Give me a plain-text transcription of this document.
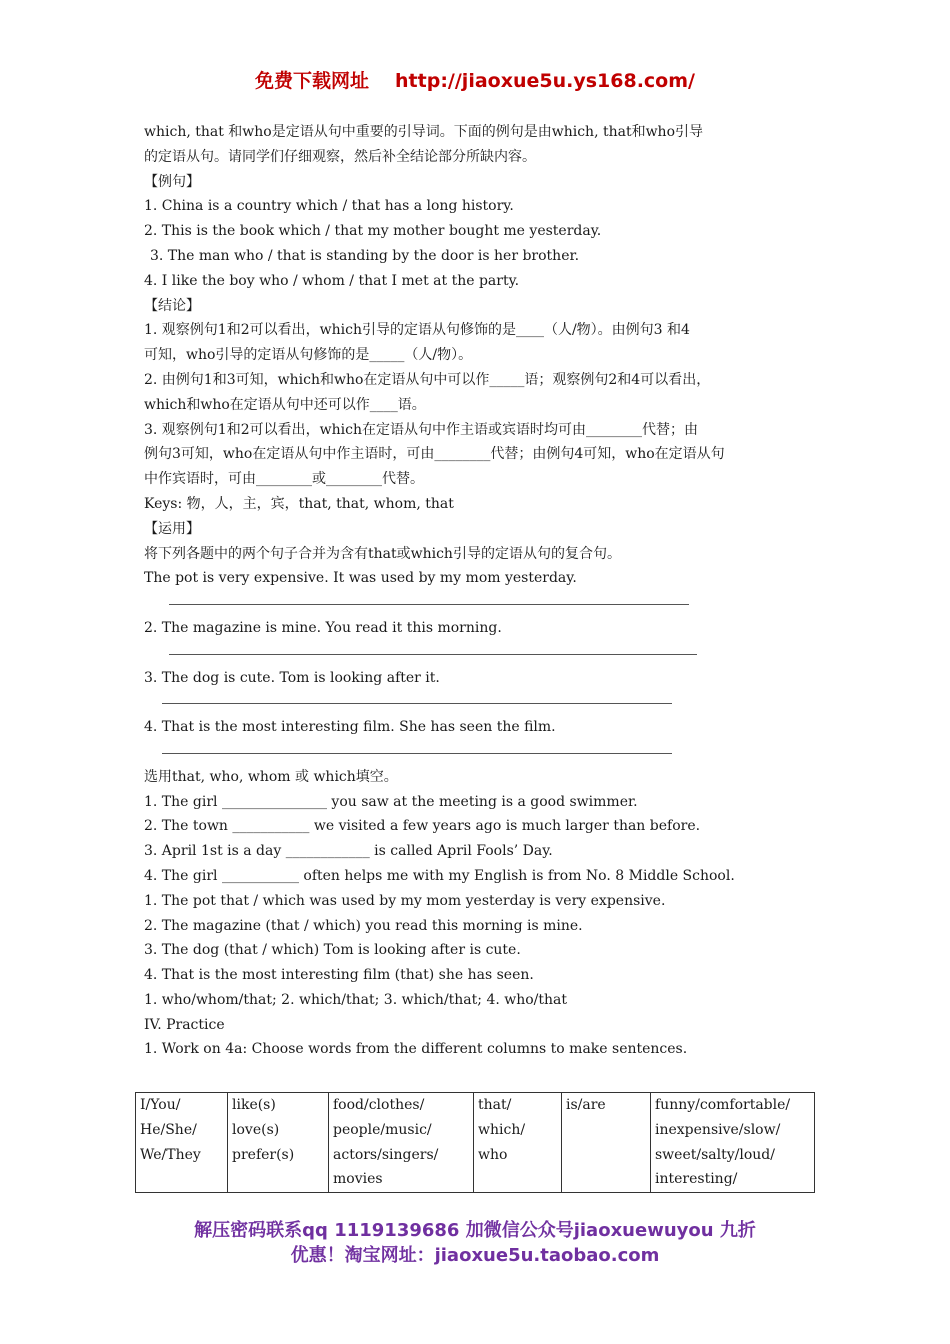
免费下载网址 http://jiaoxue5u.ys168.com/
which, that 和who是定语从句中重要的引导词。下面的例句是由which, that和who引导
的定语从句。请同学们仔细观察，然后补全结论部分所缺内容。
【例句】
1. China is a country which / that has a long history.
2. This is the book which / that my mother bought me yesterday.
3. The man who / that is standing by the door is her brother.
4. I like the boy who / whom / that I met at the party.
【结论】
1. 观察例句1和2可以看出，which引导的定语从句修饰的是____（人/物）。由例句3 和4
可知，who引导的定语从句修饰的是_____（人/物）。
2. 由例句1和3可知，which和who在定语从句中可以作_____语；观察例句2和4可以看出，
which和who在定语从句中还可以作____语。
3. 观察例句1和2可以看出，which在定语从句中作主语或宾语时均可由________代替；由
例句3可知，who在定语从句中作主语时，可由________代替；由例句4可知，who在定语从句
中作宾语时，可由________或________代替。
Keys: 物，人，主，宾，that, that, whom, that
【运用】
将下列各题中的两个句子合并为含有that或which引导的定语从句的复合句。
The pot is very expensive. It was used by my mom yesterday.
2. The magazine is mine. You read it this morning.
3. The dog is cute. Tom is looking after it.
4. That is the most interesting film. She has seen the film.
选用that, who, whom 或 which填空。
1. The girl _______________ you saw at the meeting is a good swimmer.
2. The town ___________ we visited a few years ago is much larger than before.
3. April 1st is a day ____________ is called April Fools’ Day.
4. The girl ___________ often helps me with my English is from No. 8 Middle School.
1. The pot that / which was used by my mom yesterday is very expensive.
2. The magazine (that / which) you read this morning is mine.
3. The dog (that / which) Tom is looking after is cute.
4. That is the most interesting film (that) she has seen.
1. who/whom/that; 2. which/that; 3. which/that; 4. who/that
IV. Practice
1. Work on 4a: Choose words from the different columns to make sentences.
I/You/
He/She/
We/They

like(s)
love(s)
prefer(s)

food/clothes/
people/music/
actors/singers/
movies

that/
which/
who

is/are	funny/comfortable/
inexpensive/slow/
sweet/salty/loud/
interesting/
解压密码联系qq 1119139686 加微信公众号jiaoxuewuyou 九折
优惠！淘宝网址：jiaoxue5u.taobao.com
